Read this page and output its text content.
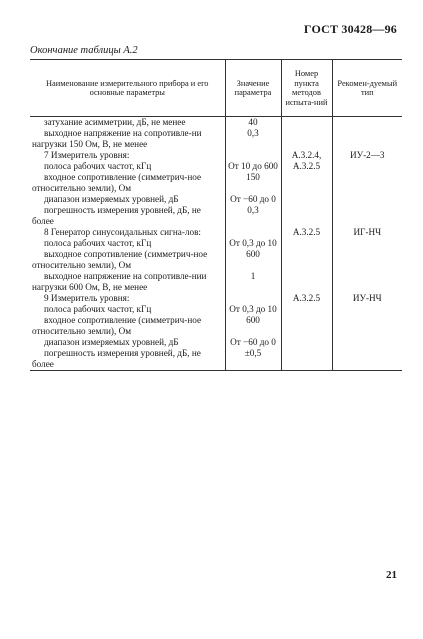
ГОСТ 30428—96
Окончание таблицы А.2
Наименование измерительного прибора и его основные параметры	Значение параметра	Номер пункта методов испыта-ний	Рекомен-дуемый тип

затухание асимметрии, дБ, не менее	40		

выходное напряжение на сопротивле-ни нагрузки 150 Ом, В, не менее	0,3		

7 Измеритель уровня:		А.3.2.4,	ИУ-2—3

полоса рабочих частот, кГц	От 10 до 600	А.3.2.5	

входное сопротивление (симметрич-ное относительно земли), Ом	150		

диапазон измеряемых уровней, дБ	От −60 до 0		

погрешность измерения уровней, дБ, не более	0,3		

8 Генератор синусоидальных сигна-лов:		А.3.2.5	ИГ-НЧ

полоса рабочих частот, кГц	От 0,3 до 10		

выходное сопротивление (симметрич-ное относительно земли), Ом	600		

выходное напряжение на сопротивле-нии нагрузки 600 Ом, В, не менее	1		

9 Измеритель уровня:		А.3.2.5	ИУ-НЧ

полоса рабочих частот, кГц	От 0,3 до 10		

входное сопротивление (симметрич-ное относительно земли), Ом	600		

диапазон измеряемых уровней, дБ	От −60 до 0		

погрешность измерения уровней, дБ, не более	±0,5		

21
